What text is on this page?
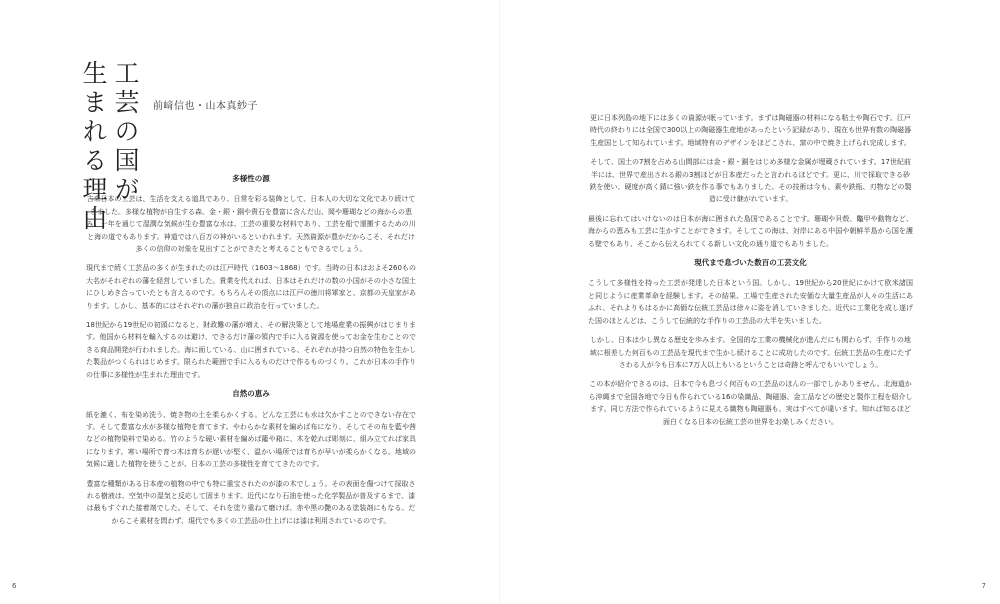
工芸の国が
生まれる理由	前﨑信也・山本真紗子
多様性の源

古来日本の工芸は、生活を支える道具であり、日常を彩る装飾として、日本人の大切な文化であり続けてきました。多様な植物が自生する森。金・銀・銅や貴石を豊富に含んだ山、岡や珊瑚などの海からの恵み。一年を通じて湿潤な気候が生む豊富な水は、工芸の重要な材料であり、工芸を船で運搬するための川と海の道でもあります。神道では八百万の神がいるといわれます。天然資源が豊かだからこそ、それだけ多くの信仰の対象を見出すことができたと考えることもできるでしょう。

現代まで続く工芸品の多くが生まれたのは江戸時代（1603～1868）です。当時の日本はおよそ260もの大名がそれぞれの藩を経営していました。貴業を代えれば、日本はそれだけの数の小国がその小さな国土にひしめき合っていたとも言えるのです。もちろんその頂点には江戸の徳川将軍家と、京都の天皇家があります。しかし、基本的にはそれぞれの藩が独自に政治を行っていました。

18世紀から19世紀の初頭になると、財政難の藩が増え、その解決策として地場産業の振興がはじまります。他国から材料を輸入するのは避け、できるだけ藩の領内で手に入る資源を使ってお金を生むことのできる商品開発が行われました。海に面している、山に囲まれている、それぞれが持つ自然の特色を生かした製品がつくられはじめます。限られた範囲で手に入るものだけで作るものづくり。これが日本の手作りの仕事に多様性が生まれた理由です。

自然の恵み

紙を漉く、布を染め洗う、焼き物の土を柔らかくする。どんな工芸にも水は欠かすことのできない存在です。そして豊富な水が多様な植物を育てます。やわらかな素材を編めば布になり、そしてその布を藍や茜などの植物染料で染める。竹のような硬い素材を編めば籠や箱に、木を乾れば彫刻に、組み立てれば家具になります。寒い場所で育つ木は育ちが遅いが堅く、温かい場所では育ちが早いが柔らかくなる。地域の気候に適した植物を使うことが、日本の工芸の多様性を育ててきたのです。

豊富な種類がある日本産の植物の中でも特に重宝されたのが漆の木でしょう。その表面を傷つけて採取される樹液は、空気中の湿気と反応して固まります。近代になり石油を使った化学製品が普及するまで、漆は最もすぐれた接着剤でした。そして、それを塗り重ねて磨けば、赤や黒の艶のある塗装剤にもなる。だからこそ素材を問わず、現代でも多くの工芸品の仕上げには漆は利用されているのです。

6

更に日本列島の地下には多くの資源が眠っています。まずは陶磁器の材料になる粘土や陶石です。江戸時代の終わりには全国で300以上の陶磁器生産地があったという記録があり、現在も世界有数の陶磁器生産国として知られています。地域特有のデザインをほどこされ、窯の中で焼き上げられ完成します。

そして、国土の7割を占める山間部には金・銀・銅をはじめ多様な金属が埋蔵されています。17世紀前半には、世界で産出される銀の3割ほどが日本産だったと言われるほどです。更に、川で採取できる砂鉄を使い、硬度が高く錆に強い鉄を作る事でもありました。その技術は今も、素や鉄瓶、刃物などの製造に受け継がれています。

最後に忘れてはいけないのは日本が海に囲まれた島国であることです。珊瑚や貝殻、鼈甲や動物など、海からの恵みも工芸に生かすことができます。そしてこの海は、対岸にある中国や朝鮮半島から国を護る壁でもあり、そこから伝えられてくる新しい文化の通り道でもありました。

現代まで息づいた数百の工芸文化

こうして多様性を持った工芸が発達した日本という国。しかし、19世紀から20世紀にかけて欧米諸国と同じように産業革命を経験します。その結果、工場で生産された安価な大量生産品が人々の生活にあふれ、それよりもはるかに高価な伝統工芸品は徐々に姿を消していきました。近代に工業化を成し遂げた国のほとんどは、こうして伝統的な手作りの工芸品の大半を失いました。

しかし、日本は少し異なる歴史を歩みます。全国的な工業の機械化が進んだにも関わらず、手作りの地域に根差した何百もの工芸品を現代まで生かし続けることに成功したのです。伝統工芸品の生産にたずさわる人が今も日本に7万人以上もいるということは奇跡と呼んでもいいでしょう。

この本が紹介できるのは、日本で今も息づく何百もの工芸品のほんの一部でしかありません。北海道から沖縄まで全国各地で今日も作られている16の染織品、陶磁器、金工品などの歴史と製作工程を紹介します。同じ方法で作られているように見える織物も陶磁器も、実はすべてが違います。知れば知るほど面白くなる日本の伝統工芸の世界をお楽しみください。

7
